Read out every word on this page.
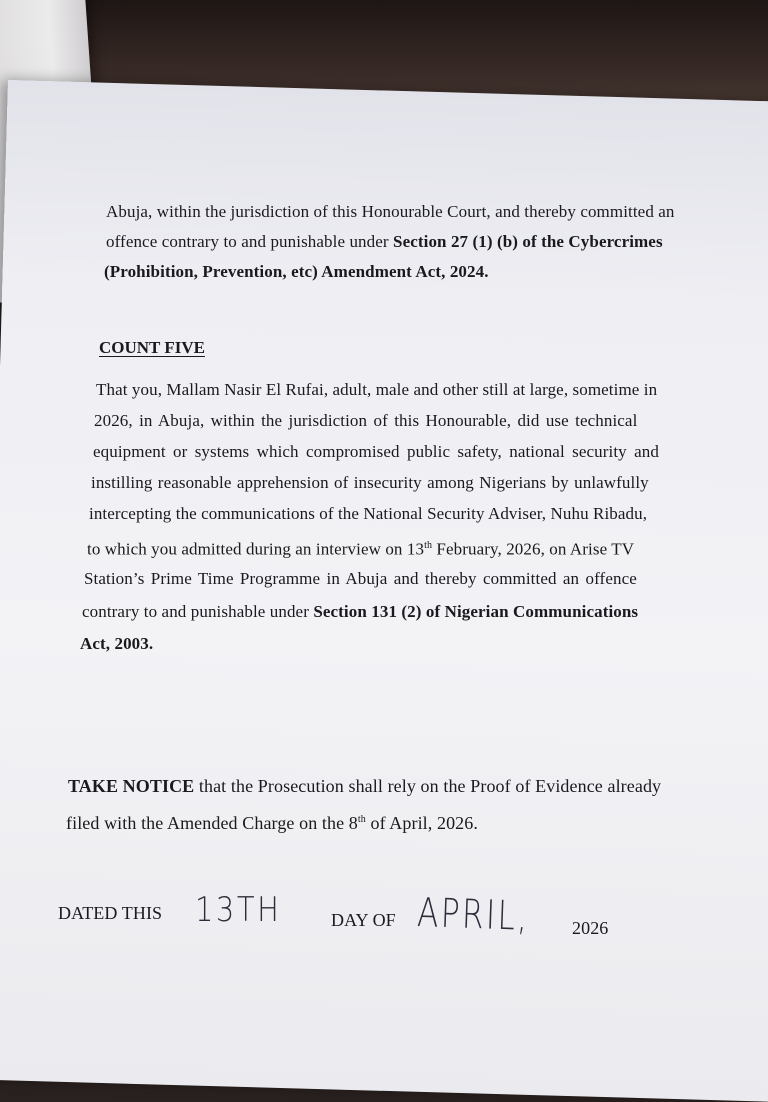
Abuja, within the jurisdiction of this Honourable Court, and thereby committed an
offence contrary to and punishable under Section 27 (1) (b) of the Cybercrimes
(Prohibition, Prevention, etc) Amendment Act, 2024.
COUNT FIVE
That you, Mallam Nasir El Rufai, adult, male and other still at large, sometime in
2026, in Abuja, within the jurisdiction of this Honourable, did use technical
equipment or systems which compromised public safety, national security and
instilling reasonable apprehension of insecurity among Nigerians by unlawfully
intercepting the communications of the National Security Adviser, Nuhu Ribadu,
to which you admitted during an interview on 13th February, 2026, on Arise TV
Station’s Prime Time Programme in Abuja and thereby committed an offence
contrary to and punishable under Section 131 (2) of Nigerian Communications
Act, 2003.
TAKE NOTICE that the Prosecution shall rely on the Proof of Evidence already
filed with the Amended Charge on the 8th of April, 2026.
DATED THIS 13TH	DAY OF APRIL, 2026
